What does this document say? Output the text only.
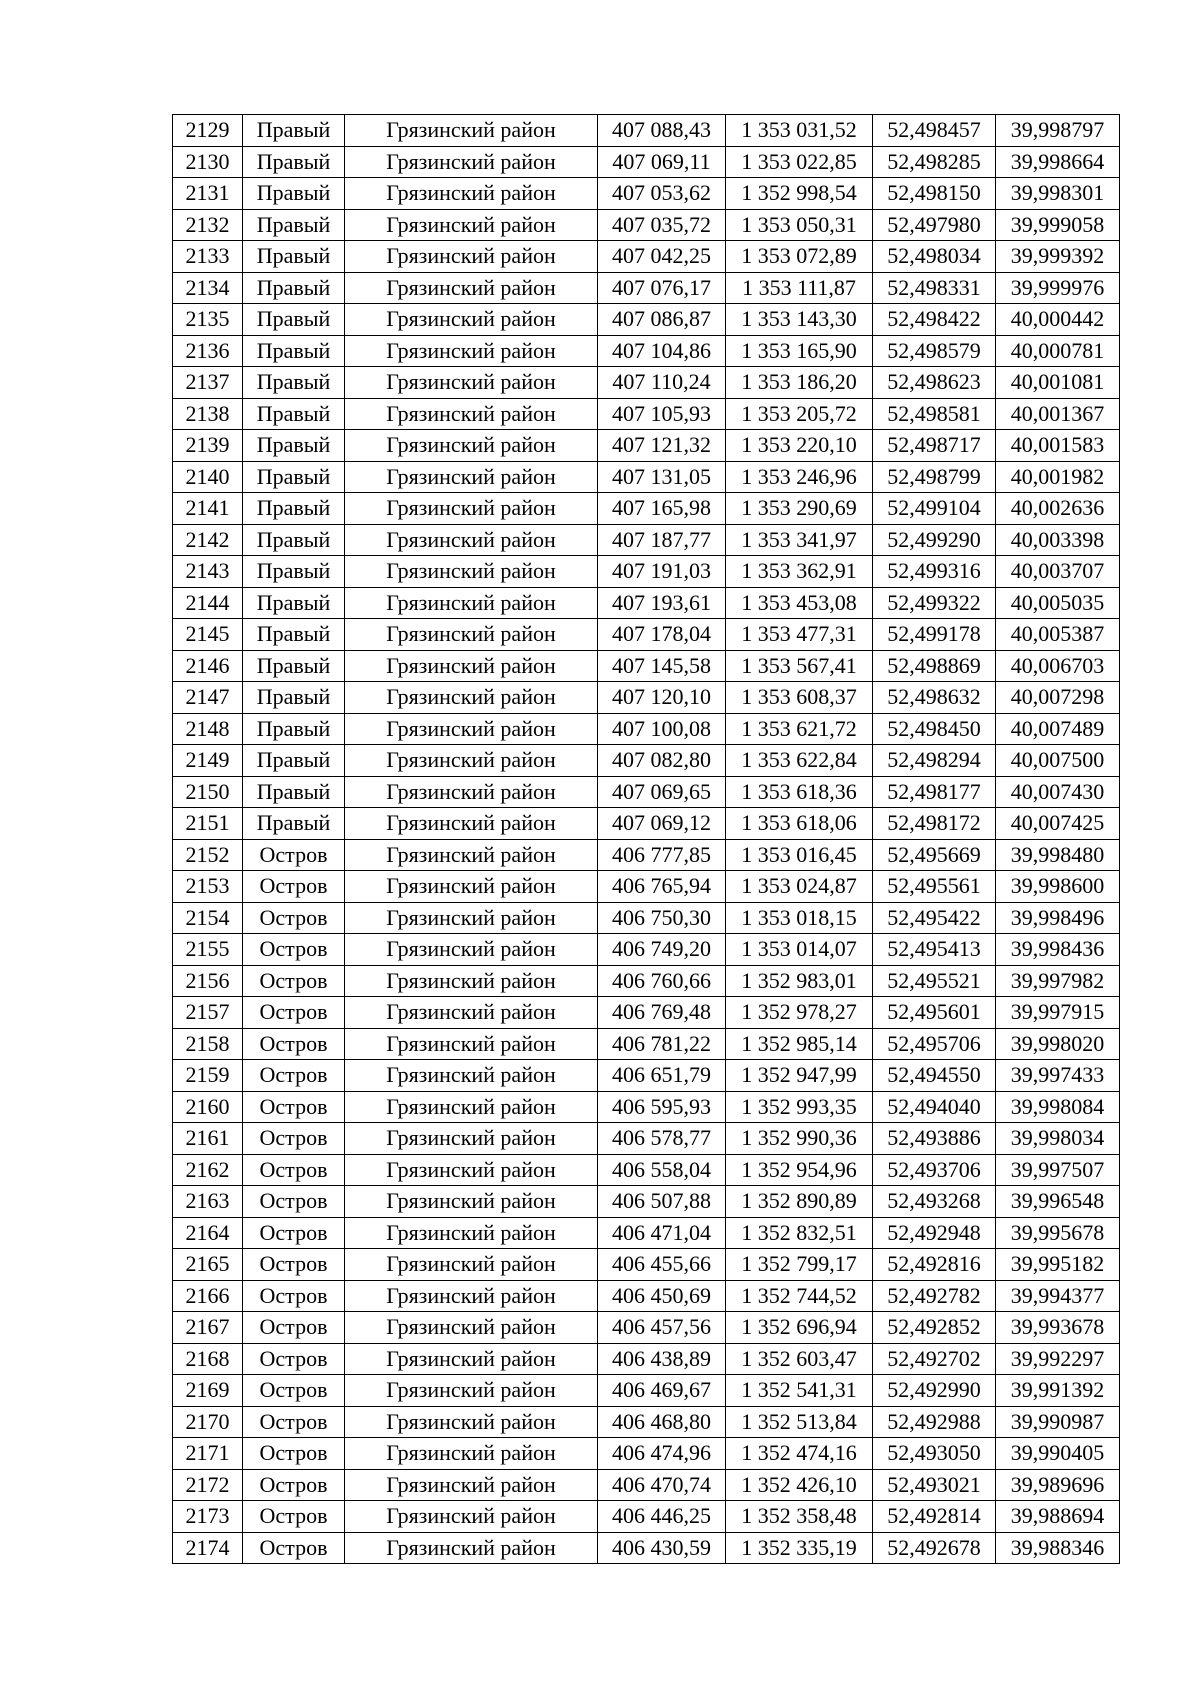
2129	Правый	Грязинский район	407 088,43	1 353 031,52	52,498457	39,998797
2130	Правый	Грязинский район	407 069,11	1 353 022,85	52,498285	39,998664
2131	Правый	Грязинский район	407 053,62	1 352 998,54	52,498150	39,998301
2132	Правый	Грязинский район	407 035,72	1 353 050,31	52,497980	39,999058
2133	Правый	Грязинский район	407 042,25	1 353 072,89	52,498034	39,999392
2134	Правый	Грязинский район	407 076,17	1 353 111,87	52,498331	39,999976
2135	Правый	Грязинский район	407 086,87	1 353 143,30	52,498422	40,000442
2136	Правый	Грязинский район	407 104,86	1 353 165,90	52,498579	40,000781
2137	Правый	Грязинский район	407 110,24	1 353 186,20	52,498623	40,001081
2138	Правый	Грязинский район	407 105,93	1 353 205,72	52,498581	40,001367
2139	Правый	Грязинский район	407 121,32	1 353 220,10	52,498717	40,001583
2140	Правый	Грязинский район	407 131,05	1 353 246,96	52,498799	40,001982
2141	Правый	Грязинский район	407 165,98	1 353 290,69	52,499104	40,002636
2142	Правый	Грязинский район	407 187,77	1 353 341,97	52,499290	40,003398
2143	Правый	Грязинский район	407 191,03	1 353 362,91	52,499316	40,003707
2144	Правый	Грязинский район	407 193,61	1 353 453,08	52,499322	40,005035
2145	Правый	Грязинский район	407 178,04	1 353 477,31	52,499178	40,005387
2146	Правый	Грязинский район	407 145,58	1 353 567,41	52,498869	40,006703
2147	Правый	Грязинский район	407 120,10	1 353 608,37	52,498632	40,007298
2148	Правый	Грязинский район	407 100,08	1 353 621,72	52,498450	40,007489
2149	Правый	Грязинский район	407 082,80	1 353 622,84	52,498294	40,007500
2150	Правый	Грязинский район	407 069,65	1 353 618,36	52,498177	40,007430
2151	Правый	Грязинский район	407 069,12	1 353 618,06	52,498172	40,007425
2152	Остров	Грязинский район	406 777,85	1 353 016,45	52,495669	39,998480
2153	Остров	Грязинский район	406 765,94	1 353 024,87	52,495561	39,998600
2154	Остров	Грязинский район	406 750,30	1 353 018,15	52,495422	39,998496
2155	Остров	Грязинский район	406 749,20	1 353 014,07	52,495413	39,998436
2156	Остров	Грязинский район	406 760,66	1 352 983,01	52,495521	39,997982
2157	Остров	Грязинский район	406 769,48	1 352 978,27	52,495601	39,997915
2158	Остров	Грязинский район	406 781,22	1 352 985,14	52,495706	39,998020
2159	Остров	Грязинский район	406 651,79	1 352 947,99	52,494550	39,997433
2160	Остров	Грязинский район	406 595,93	1 352 993,35	52,494040	39,998084
2161	Остров	Грязинский район	406 578,77	1 352 990,36	52,493886	39,998034
2162	Остров	Грязинский район	406 558,04	1 352 954,96	52,493706	39,997507
2163	Остров	Грязинский район	406 507,88	1 352 890,89	52,493268	39,996548
2164	Остров	Грязинский район	406 471,04	1 352 832,51	52,492948	39,995678
2165	Остров	Грязинский район	406 455,66	1 352 799,17	52,492816	39,995182
2166	Остров	Грязинский район	406 450,69	1 352 744,52	52,492782	39,994377
2167	Остров	Грязинский район	406 457,56	1 352 696,94	52,492852	39,993678
2168	Остров	Грязинский район	406 438,89	1 352 603,47	52,492702	39,992297
2169	Остров	Грязинский район	406 469,67	1 352 541,31	52,492990	39,991392
2170	Остров	Грязинский район	406 468,80	1 352 513,84	52,492988	39,990987
2171	Остров	Грязинский район	406 474,96	1 352 474,16	52,493050	39,990405
2172	Остров	Грязинский район	406 470,74	1 352 426,10	52,493021	39,989696
2173	Остров	Грязинский район	406 446,25	1 352 358,48	52,492814	39,988694
2174	Остров	Грязинский район	406 430,59	1 352 335,19	52,492678	39,988346
